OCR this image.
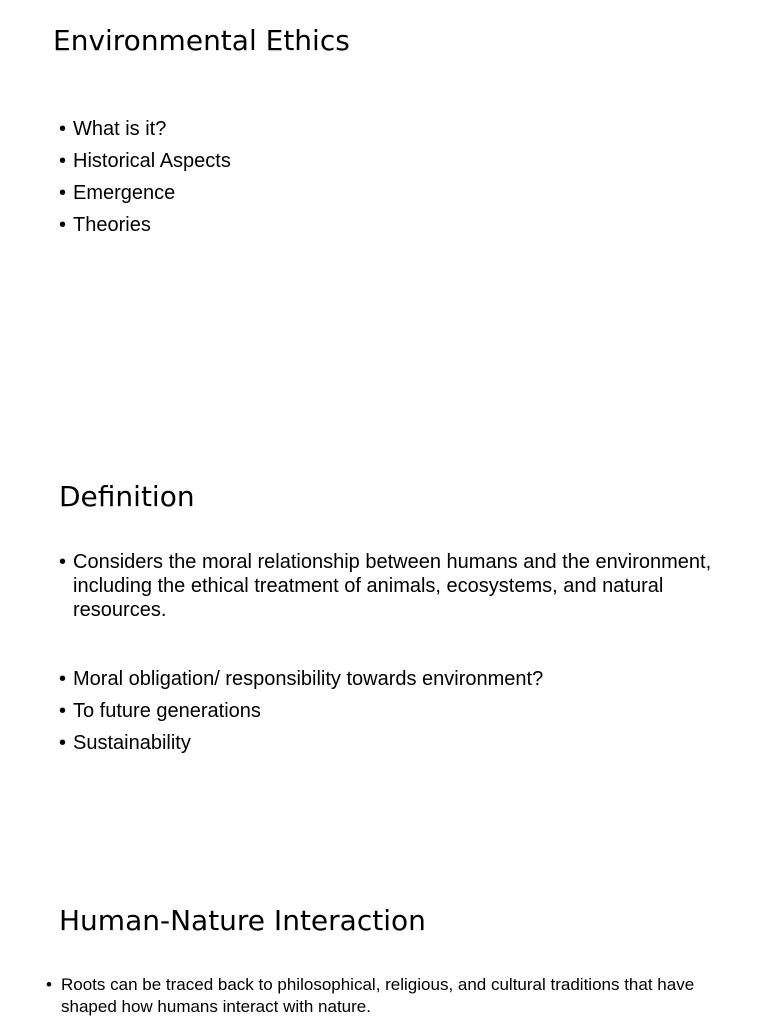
Environmental Ethics
• What is it?
• Historical Aspects
• Emergence
• Theories
Definition
• Considers the moral relationship between humans and the environment, including the ethical treatment of animals, ecosystems, and natural resources.
• Moral obligation/ responsibility towards environment?
• To future generations
• Sustainability
Human-Nature Interaction
• Roots can be traced back to philosophical, religious, and cultural traditions that have shaped how humans interact with nature.
